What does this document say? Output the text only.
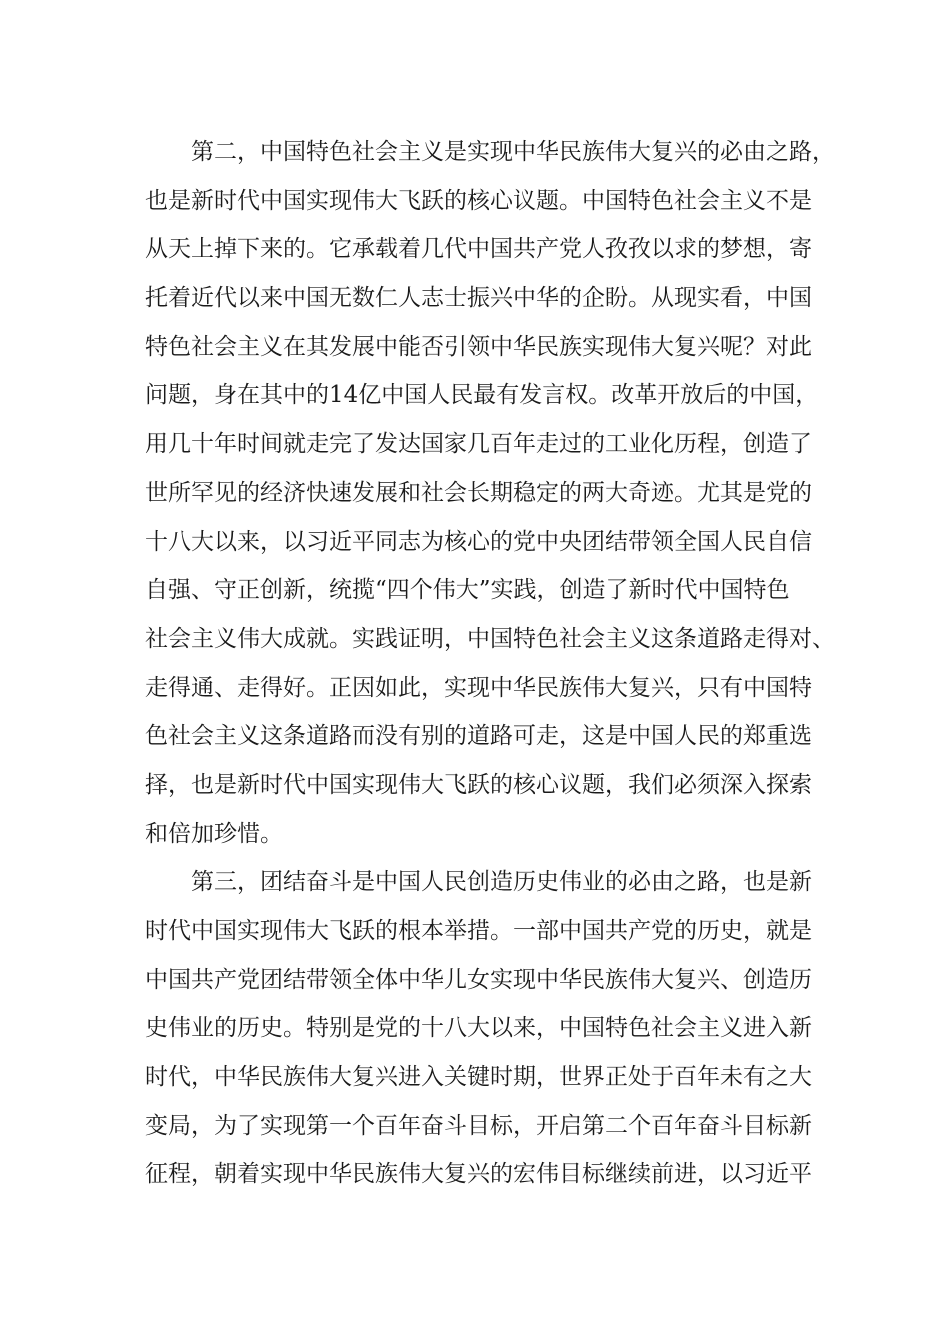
第二，中国特色社会主义是实现中华民族伟大复兴的必由之路，
也是新时代中国实现伟大飞跃的核心议题。中国特色社会主义不是
从天上掉下来的。它承载着几代中国共产党人孜孜以求的梦想，寄
托着近代以来中国无数仁人志士振兴中华的企盼。从现实看，中国
特色社会主义在其发展中能否引领中华民族实现伟大复兴呢？对此
问题，身在其中的14亿中国人民最有发言权。改革开放后的中国，
用几十年时间就走完了发达国家几百年走过的工业化历程，创造了
世所罕见的经济快速发展和社会长期稳定的两大奇迹。尤其是党的
十八大以来，以习近平同志为核心的党中央团结带领全国人民自信
自强、守正创新，统揽“四个伟大”实践，创造了新时代中国特色
社会主义伟大成就。实践证明，中国特色社会主义这条道路走得对、
走得通、走得好。正因如此，实现中华民族伟大复兴，只有中国特
色社会主义这条道路而没有别的道路可走，这是中国人民的郑重选
择，也是新时代中国实现伟大飞跃的核心议题，我们必须深入探索
和倍加珍惜。
第三，团结奋斗是中国人民创造历史伟业的必由之路，也是新
时代中国实现伟大飞跃的根本举措。一部中国共产党的历史，就是
中国共产党团结带领全体中华儿女实现中华民族伟大复兴、创造历
史伟业的历史。特别是党的十八大以来，中国特色社会主义进入新
时代，中华民族伟大复兴进入关键时期，世界正处于百年未有之大
变局，为了实现第一个百年奋斗目标，开启第二个百年奋斗目标新
征程，朝着实现中华民族伟大复兴的宏伟目标继续前进，以习近平
